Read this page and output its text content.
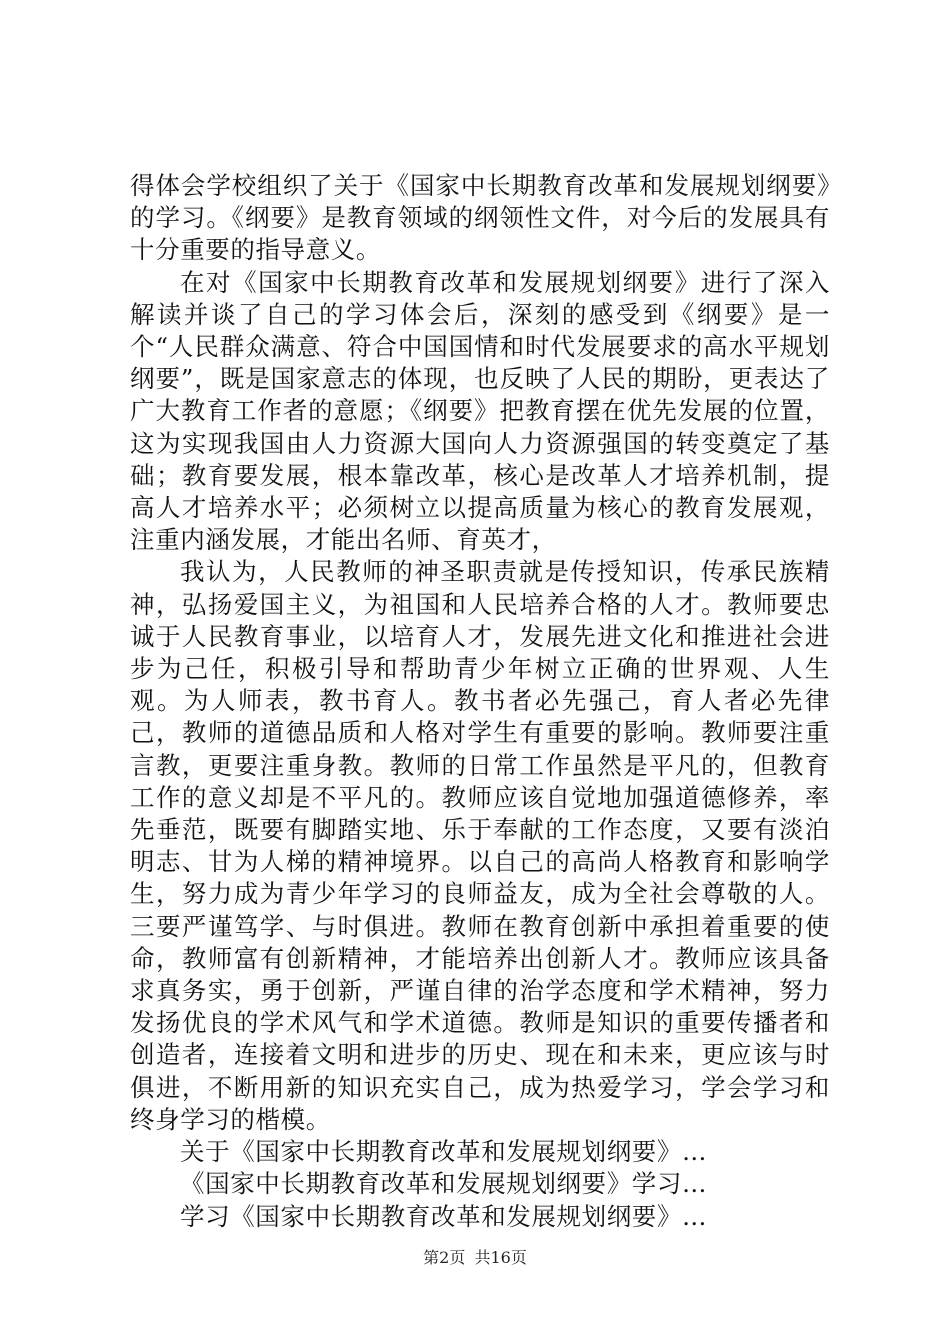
得体会学校组织了关于《国家中长期教育改革和发展规划纲要》的学习。《纲要》是教育领域的纲领性文件，对今后的发展具有十分重要的指导意义。

在对《国家中长期教育改革和发展规划纲要》进行了深入解读并谈了自己的学习体会后，深刻的感受到《纲要》是一个“人民群众满意、符合中国国情和时代发展要求的高水平规划纲要”，既是国家意志的体现，也反映了人民的期盼，更表达了广大教育工作者的意愿；《纲要》把教育摆在优先发展的位置，这为实现我国由人力资源大国向人力资源强国的转变奠定了基础；教育要发展，根本靠改革，核心是改革人才培养机制，提高人才培养水平；必须树立以提高质量为核心的教育发展观，注重内涵发展，才能出名师、育英才，

我认为，人民教师的神圣职责就是传授知识，传承民族精神，弘扬爱国主义，为祖国和人民培养合格的人才。教师要忠诚于人民教育事业，以培育人才，发展先进文化和推进社会进步为己任，积极引导和帮助青少年树立正确的世界观、人生观。为人师表，教书育人。教书者必先强己，育人者必先律己，教师的道德品质和人格对学生有重要的影响。教师要注重言教，更要注重身教。教师的日常工作虽然是平凡的，但教育工作的意义却是不平凡的。教师应该自觉地加强道德修养，率先垂范，既要有脚踏实地、乐于奉献的工作态度，又要有淡泊明志、甘为人梯的精神境界。以自己的高尚人格教育和影响学生，努力成为青少年学习的良师益友，成为全社会尊敬的人。三要严谨笃学、与时俱进。教师在教育创新中承担着重要的使命，教师富有创新精神，才能培养出创新人才。教师应该具备求真务实，勇于创新，严谨自律的治学态度和学术精神，努力发扬优良的学术风气和学术道德。教师是知识的重要传播者和创造者，连接着文明和进步的历史、现在和未来，更应该与时俱进，不断用新的知识充实自己，成为热爱学习，学会学习和终身学习的楷模。

关于《国家中长期教育改革和发展规划纲要》…
《国家中长期教育改革和发展规划纲要》学习…
学习《国家中长期教育改革和发展规划纲要》…
第2页 共16页
